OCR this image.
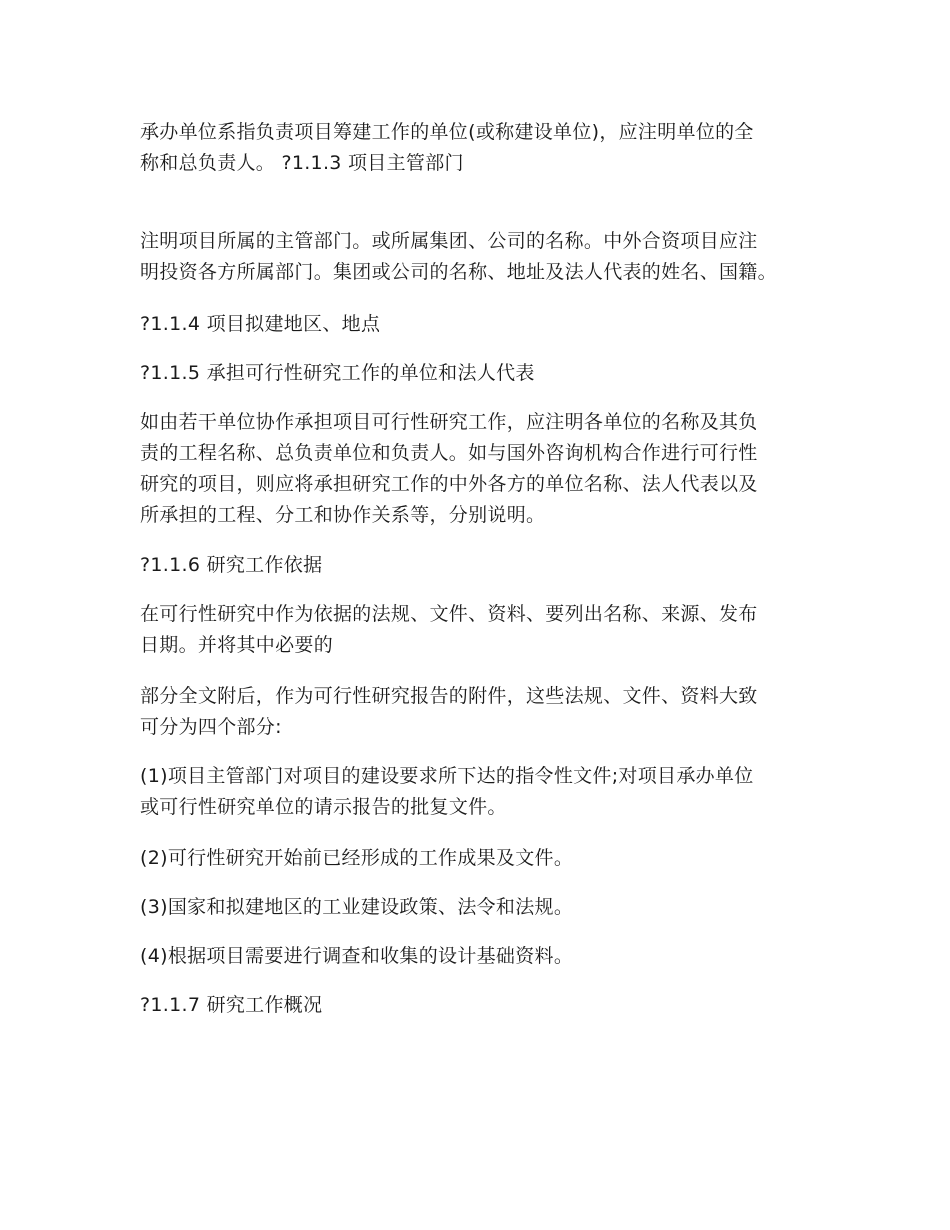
承办单位系指负责项目筹建工作的单位(或称建设单位)，应注明单位的全
称和总负责人。 ?1.1.3 项目主管部门

注明项目所属的主管部门。或所属集团、公司的名称。中外合资项目应注
明投资各方所属部门。集团或公司的名称、地址及法人代表的姓名、国籍。

?1.1.4 项目拟建地区、地点

?1.1.5 承担可行性研究工作的单位和法人代表

如由若干单位协作承担项目可行性研究工作，应注明各单位的名称及其负
责的工程名称、总负责单位和负责人。如与国外咨询机构合作进行可行性
研究的项目，则应将承担研究工作的中外各方的单位名称、法人代表以及
所承担的工程、分工和协作关系等，分别说明。

?1.1.6 研究工作依据

在可行性研究中作为依据的法规、文件、资料、要列出名称、来源、发布
日期。并将其中必要的

部分全文附后，作为可行性研究报告的附件，这些法规、文件、资料大致
可分为四个部分:

(1)项目主管部门对项目的建设要求所下达的指令性文件;对项目承办单位
或可行性研究单位的请示报告的批复文件。

(2)可行性研究开始前已经形成的工作成果及文件。

(3)国家和拟建地区的工业建设政策、法令和法规。

(4)根据项目需要进行调查和收集的设计基础资料。

?1.1.7 研究工作概况
